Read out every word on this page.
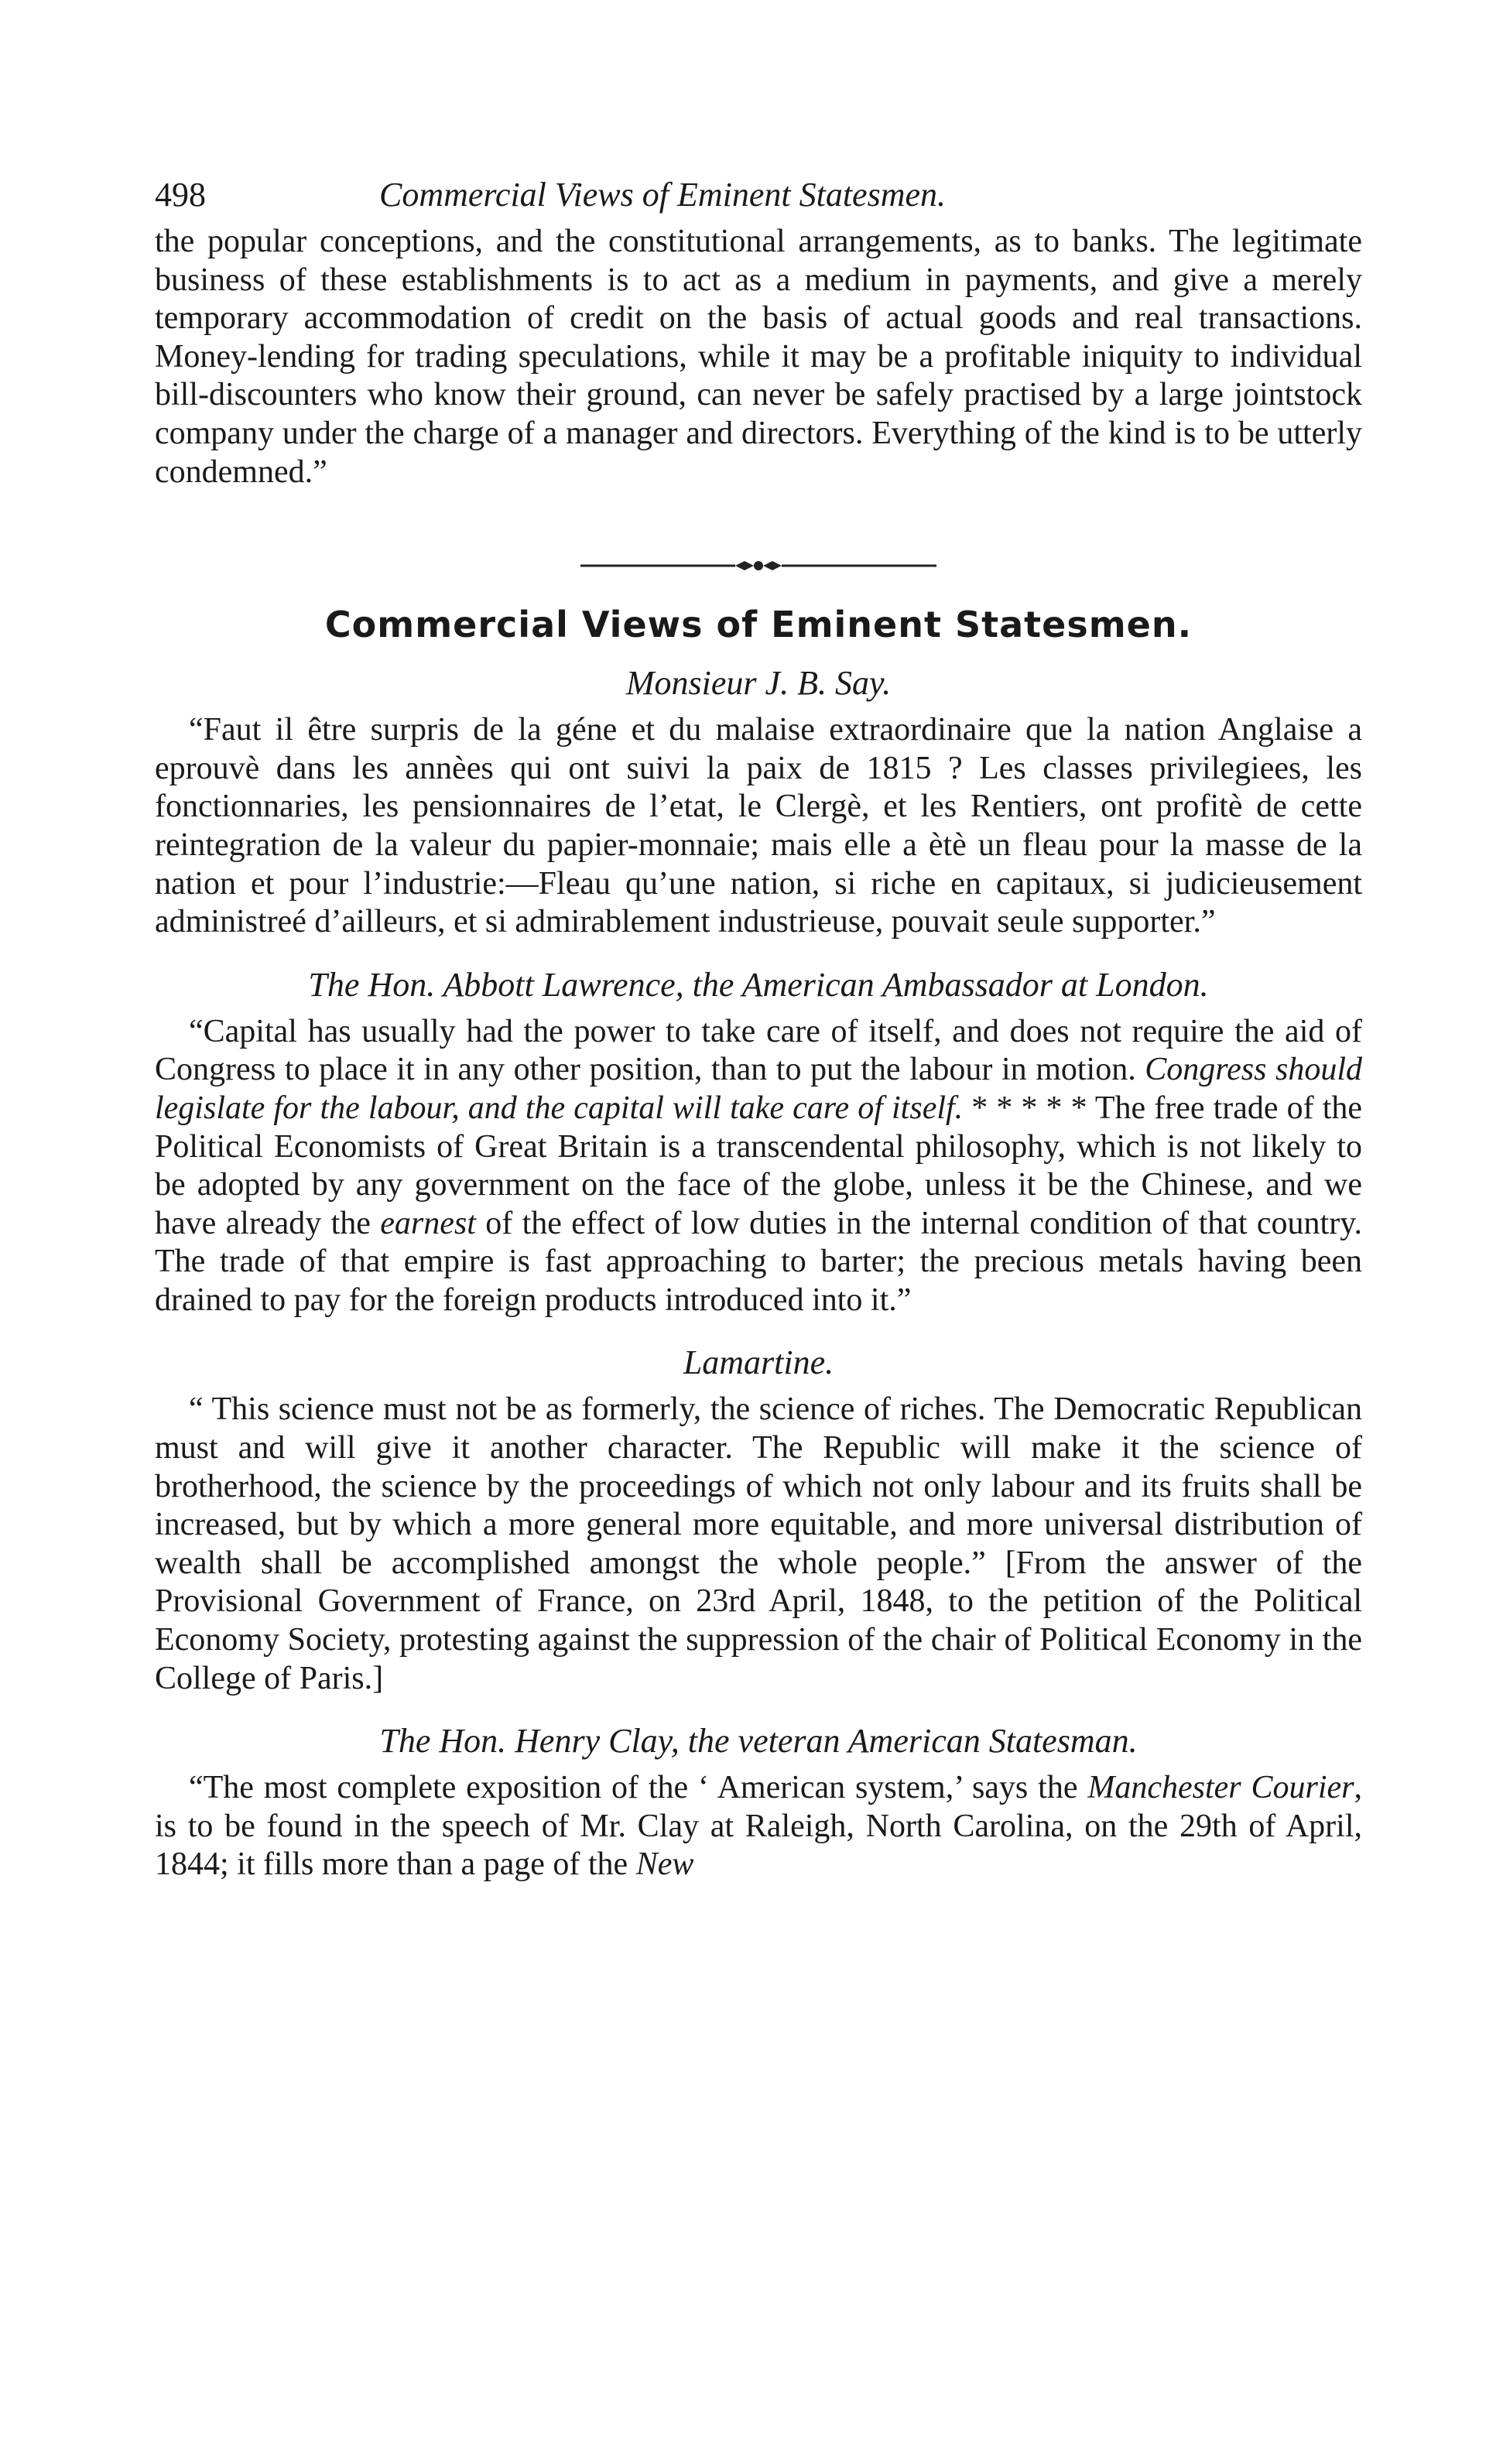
498	Commercial Views of Eminent Statesmen.

the popular conceptions, and the constitutional arrangements, as to banks. The legitimate business of these establishments is to act as a medium in payments, and give a merely temporary accommodation of credit on the basis of actual goods and real transactions. Money-lending for trading speculations, while it may be a profitable iniquity to individual bill-discounters who know their ground, can never be safely practised by a large jointstock company under the charge of a manager and directors. Everything of the kind is to be utterly condemned.”

Commercial Views of Eminent Statesmen.
Monsieur J. B. Say.

“Faut il être surpris de la géne et du malaise extraordinaire que la nation Anglaise a eprouvè dans les annèes qui ont suivi la paix de 1815 ? Les classes privilegiees, les fonctionnaries, les pensionnaires de l’etat, le Clergè, et les Rentiers, ont profitè de cette reintegration de la valeur du papier-monnaie; mais elle a ètè un fleau pour la masse de la nation et pour l’industrie:—Fleau qu’une nation, si riche en capitaux, si judicieusement administreé d’ailleurs, et si admirablement industrieuse, pouvait seule supporter.”

The Hon. Abbott Lawrence, the American Ambassador at London.

“Capital has usually had the power to take care of itself, and does not require the aid of Congress to place it in any other position, than to put the labour in motion. Congress should legislate for the labour, and the capital will take care of itself. * * * * * The free trade of the Political Economists of Great Britain is a transcendental philosophy, which is not likely to be adopted by any government on the face of the globe, unless it be the Chinese, and we have already the earnest of the effect of low duties in the internal condition of that country. The trade of that empire is fast approaching to barter; the precious metals having been drained to pay for the foreign products introduced into it.”

Lamartine.

“ This science must not be as formerly, the science of riches. The Democratic Republican must and will give it another character. The Republic will make it the science of brotherhood, the science by the proceedings of which not only labour and its fruits shall be increased, but by which a more general more equitable, and more universal distribution of wealth shall be accomplished amongst the whole people.” [From the answer of the Provisional Government of France, on 23rd April, 1848, to the petition of the Political Economy Society, protesting against the suppression of the chair of Political Economy in the College of Paris.]

The Hon. Henry Clay, the veteran American Statesman.

“The most complete exposition of the ‘ American system,’ says the Manchester Courier, is to be found in the speech of Mr. Clay at Raleigh, North Carolina, on the 29th of April, 1844; it fills more than a page of the New
